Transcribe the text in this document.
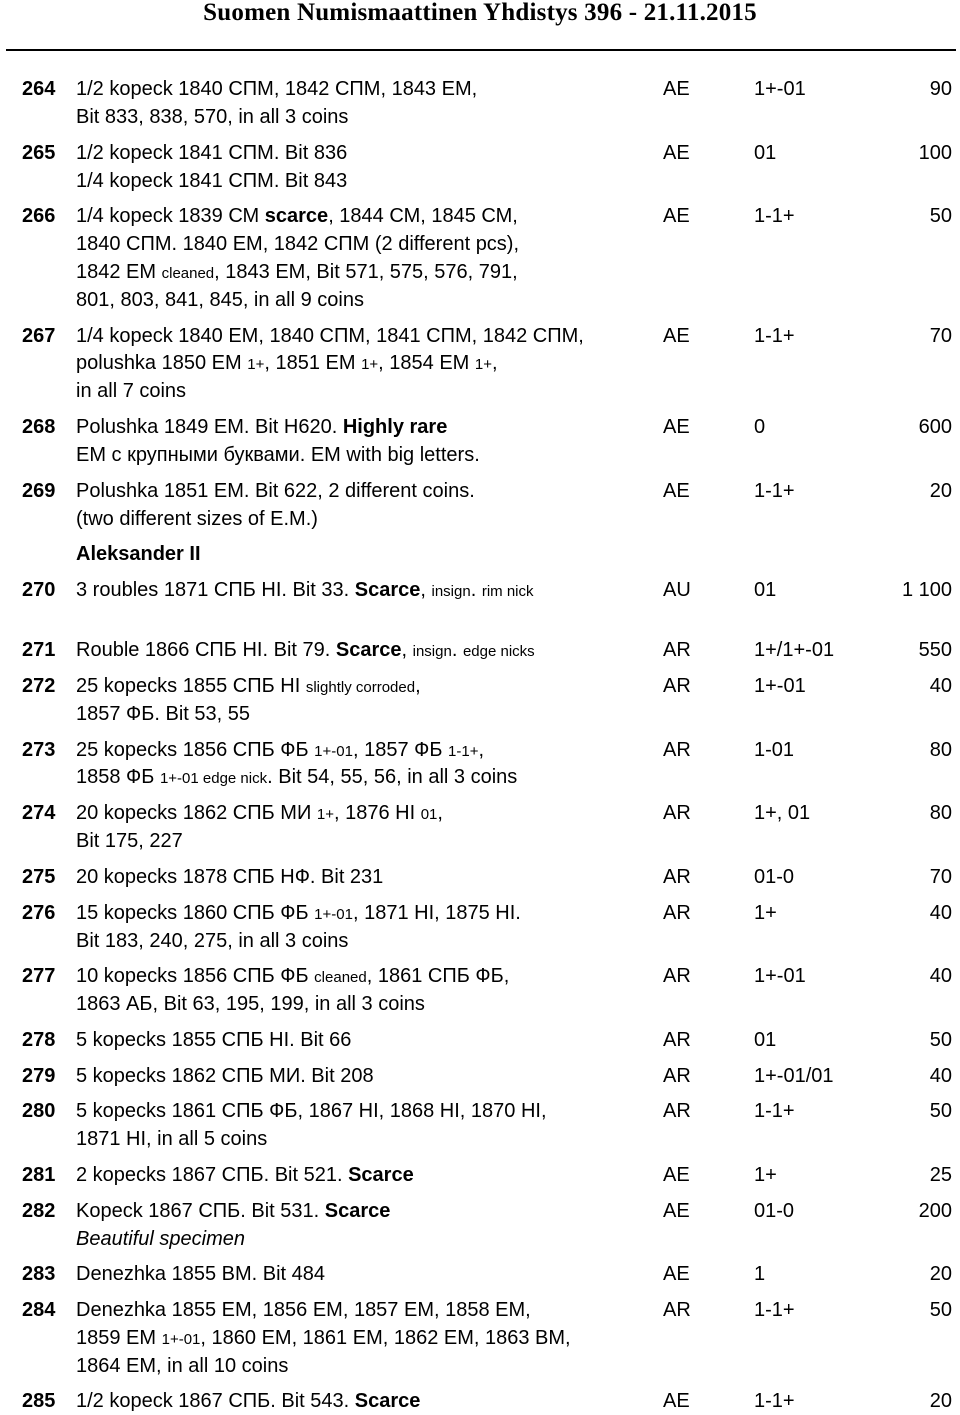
Suomen Numismaattinen Yhdistys 396 - 21.11.2015
264 1/2 kopeck 1840 СПМ, 1842 СПМ, 1843 ЕМ,	AE	1+-01	90
Bit 833, 838, 570, in all 3 coins
265 1/2 kopeck 1841 СПМ. Bit 836	AE	01	100
1/4 kopeck 1841 СПМ. Bit 843
266 1/4 kopeck 1839 СМ scarce, 1844 СМ, 1845 СМ,	AE	1-1+	50
1840 СПМ. 1840 ЕМ, 1842 СПМ (2 different pcs),
1842 ЕМ cleaned, 1843 ЕМ, Bit 571, 575, 576, 791,
801, 803, 841, 845, in all 9 coins
267 1/4 kopeck 1840 ЕМ, 1840 СПМ, 1841 СПМ, 1842 СПМ,	AE	1-1+	70
polushka 1850 ЕМ 1+, 1851 ЕМ 1+, 1854 ЕМ 1+,
in all 7 coins
268 Polushka 1849 ЕМ. Bit H620. Highly rare	AE	0	600
ЕМ с крупными буквами. ЕМ with big letters.
269 Polushka 1851 ЕМ. Bit 622, 2 different coins.	AE	1-1+	20
(two different sizes of Е.М.)
Aleksander II
270 3 roubles 1871 СПБ НІ. Bit 33. Scarce, insign. rim nick	AU	01	1 100
271 Rouble 1866 СПБ НІ. Bit 79. Scarce, insign. edge nicks	AR	1+/1+-01	550
272 25 kopecks 1855 СПБ НІ slightly corroded,	AR	1+-01	40
1857 ФБ. Bit 53, 55
273 25 kopecks 1856 СПБ ФБ 1+-01, 1857 ФБ 1-1+,	AR	1-01	80
1858 ФБ 1+-01 edge nick. Bit 54, 55, 56, in all 3 coins
274 20 kopecks 1862 СПБ МИ 1+, 1876 НІ 01,	AR	1+, 01	80
Bit 175, 227
275 20 kopecks 1878 СПБ НФ. Bit 231	AR	01-0	70
276 15 kopecks 1860 СПБ ФБ 1+-01, 1871 НІ, 1875 НІ.	AR	1+	40
Bit 183, 240, 275, in all 3 coins
277 10 kopecks 1856 СПБ ФБ cleaned, 1861 СПБ ФБ,	AR	1+-01	40
1863 АБ, Bit 63, 195, 199, in all 3 coins
278 5 kopecks 1855 СПБ НІ. Bit 66	AR	01	50
279 5 kopecks 1862 СПБ МИ. Bit 208	AR	1+-01/01	40
280 5 kopecks 1861 СПБ ФБ, 1867 НІ, 1868 НІ, 1870 НІ,	AR	1-1+	50
1871 НІ, in all 5 coins
281 2 kopecks 1867 СПБ. Bit 521. Scarce	AE	1+	25
282 Kopeck 1867 СПБ. Bit 531. Scarce	AE	01-0	200
Beautiful specimen
283 Denezhka 1855 ВМ. Bit 484	AE	1	20
284 Denezhka 1855 ЕМ, 1856 ЕМ, 1857 ЕМ, 1858 ЕМ,	AR	1-1+	50
1859 ЕМ 1+-01, 1860 ЕМ, 1861 ЕМ, 1862 ЕМ, 1863 ВМ,
1864 ЕМ, in all 10 coins
285 1/2 kopeck 1867 СПБ. Bit 543. Scarce	AE	1-1+	20
